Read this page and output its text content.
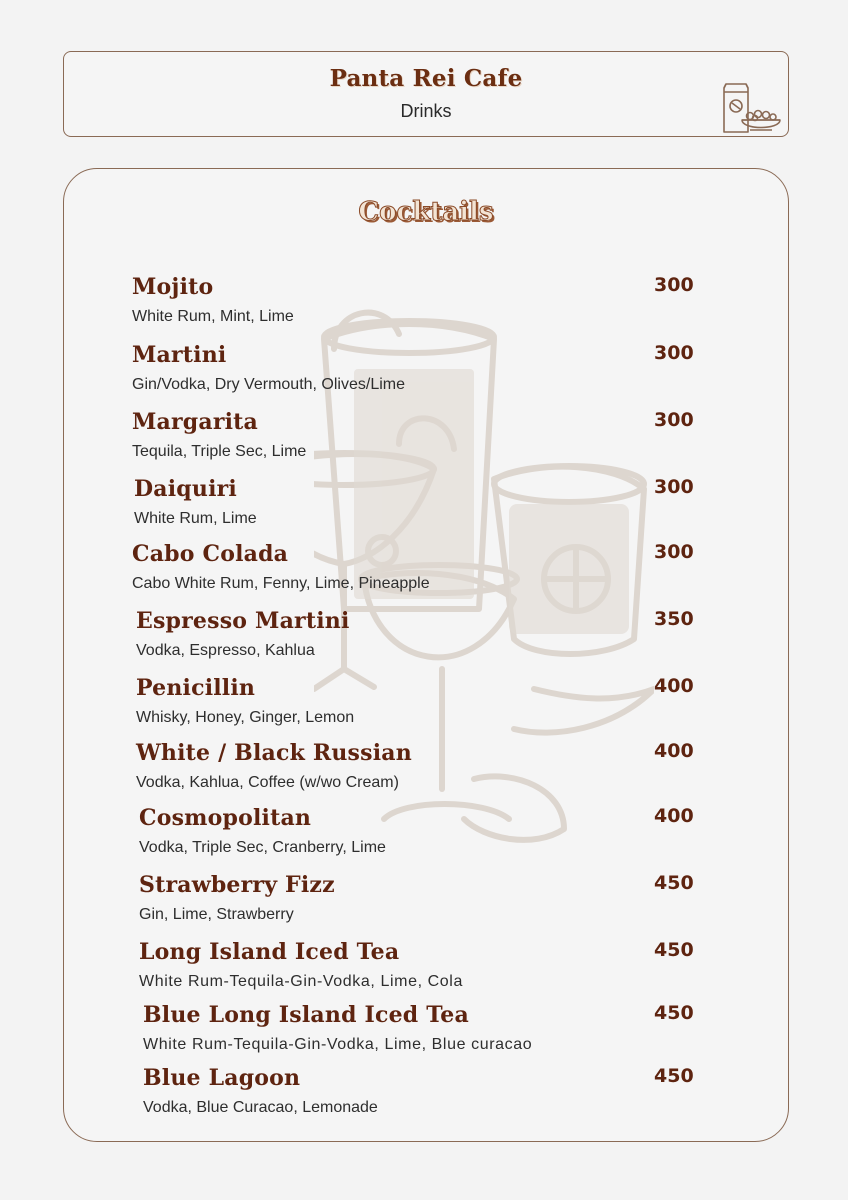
Panta Rei Cafe
Drinks
Cocktails
Mojito
White Rum, Mint, Lime
300
Martini
Gin/Vodka, Dry Vermouth, Olives/Lime
300
Margarita
Tequila, Triple Sec, Lime
300
Daiquiri
White Rum, Lime
300
Cabo Colada
Cabo White Rum, Fenny, Lime, Pineapple
300
Espresso Martini
Vodka, Espresso, Kahlua
350
Penicillin
Whisky, Honey, Ginger, Lemon
400
White / Black Russian
Vodka, Kahlua, Coffee (w/wo Cream)
400
Cosmopolitan
Vodka, Triple Sec, Cranberry, Lime
400
Strawberry Fizz
Gin, Lime, Strawberry
450
Long Island Iced Tea
White Rum-Tequila-Gin-Vodka, Lime, Cola
450
Blue Long Island Iced Tea
White Rum-Tequila-Gin-Vodka, Lime, Blue curacao
450
Blue Lagoon
Vodka, Blue Curacao, Lemonade
450
